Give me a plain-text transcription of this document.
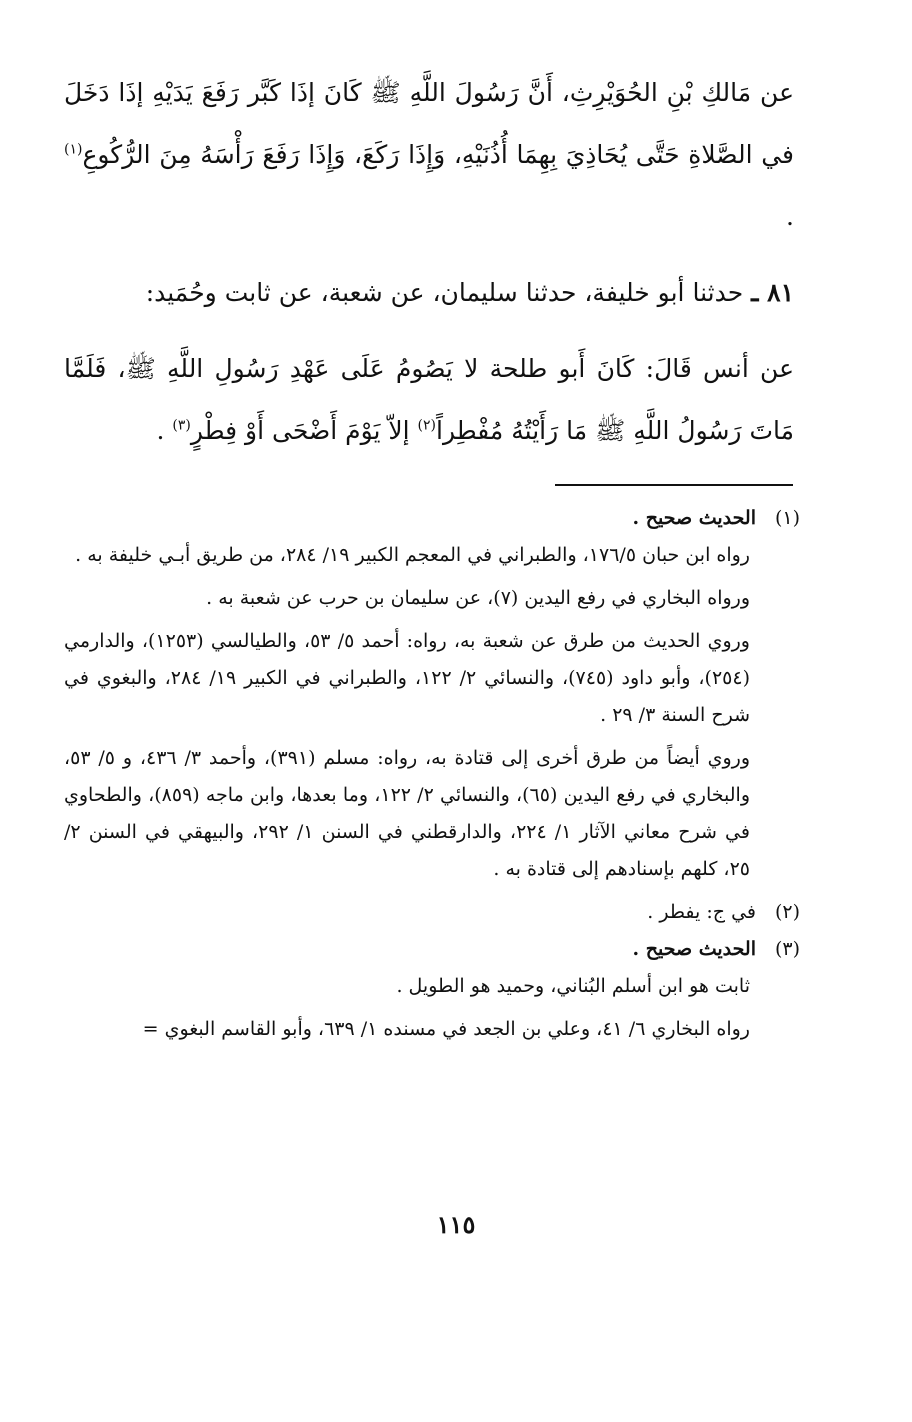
عن مَالكِ بْنِ الحُوَيْرِثِ، أَنَّ رَسُولَ اللَّهِ ﷺ كَانَ إذَا كَبَّر رَفَعَ يَدَيْهِ إذَا دَخَلَ في الصَّلاةِ حَتَّى يُحَاذِيَ بِهِمَا أُذُنَيْهِ، وَإِذَا رَكَعَ، وَإِذَا رَفَعَ رَأْسَهُ مِنَ الرُّكُوعِ$^{(١)}$ .

٨١ ـ حدثنا أبو خليفة، حدثنا سليمان، عن شعبة، عن ثابت وحُمَيد:

عن أنس قَالَ: كَانَ أَبو طلحة لا يَصُومُ عَلَى عَهْدِ رَسُولِ اللَّهِ ﷺ، فَلَمَّا مَاتَ رَسُولُ اللَّهِ ﷺ مَا رَأَيْتُهُ مُفْطِراً$^{(٢)}$ إلاّ يَوْمَ أَضْحَى أَوْ فِطْرٍ$^{(٣)}$ .

(١)
الحديث صحيح .

رواه ابن حبان ١٧٦/٥، والطبراني في المعجم الكبير ١٩/ ٢٨٤، من طريق أبـي خليفة به .

ورواه البخاري في رفع اليدين (٧)، عن سليمان بن حرب عن شعبة به .

وروي الحديث من طرق عن شعبة به، رواه: أحمد ٥/ ٥٣، والطيالسي (١٢٥٣)، والدارمي (٢٥٤)، وأبو داود (٧٤٥)، والنسائي ٢/ ١٢٢، والطبراني في الكبير ١٩/ ٢٨٤، والبغوي في شرح السنة ٣/ ٢٩ .

وروي أيضاً من طرق أخرى إلى قتادة به، رواه: مسلم (٣٩١)، وأحمد ٣/ ٤٣٦، و ٥/ ٥٣، والبخاري في رفع اليدين (٦٥)، والنسائي ٢/ ١٢٢، وما بعدها، وابن ماجه (٨٥٩)، والطحاوي في شرح معاني الآثار ١/ ٢٢٤، والدارقطني في السنن ١/ ٢٩٢، والبيهقي في السنن ٢/ ٢٥، كلهم بإسنادهم إلى قتادة به .

(٢)
في ج: يفطر .
(٣)
الحديث صحيح .

ثابت هو ابن أسلم البُناني، وحميد هو الطويل .

رواه البخاري ٦/ ٤١، وعلي بن الجعد في مسنده ١/ ٦٣٩، وأبو القاسم البغوي =

١١٥
